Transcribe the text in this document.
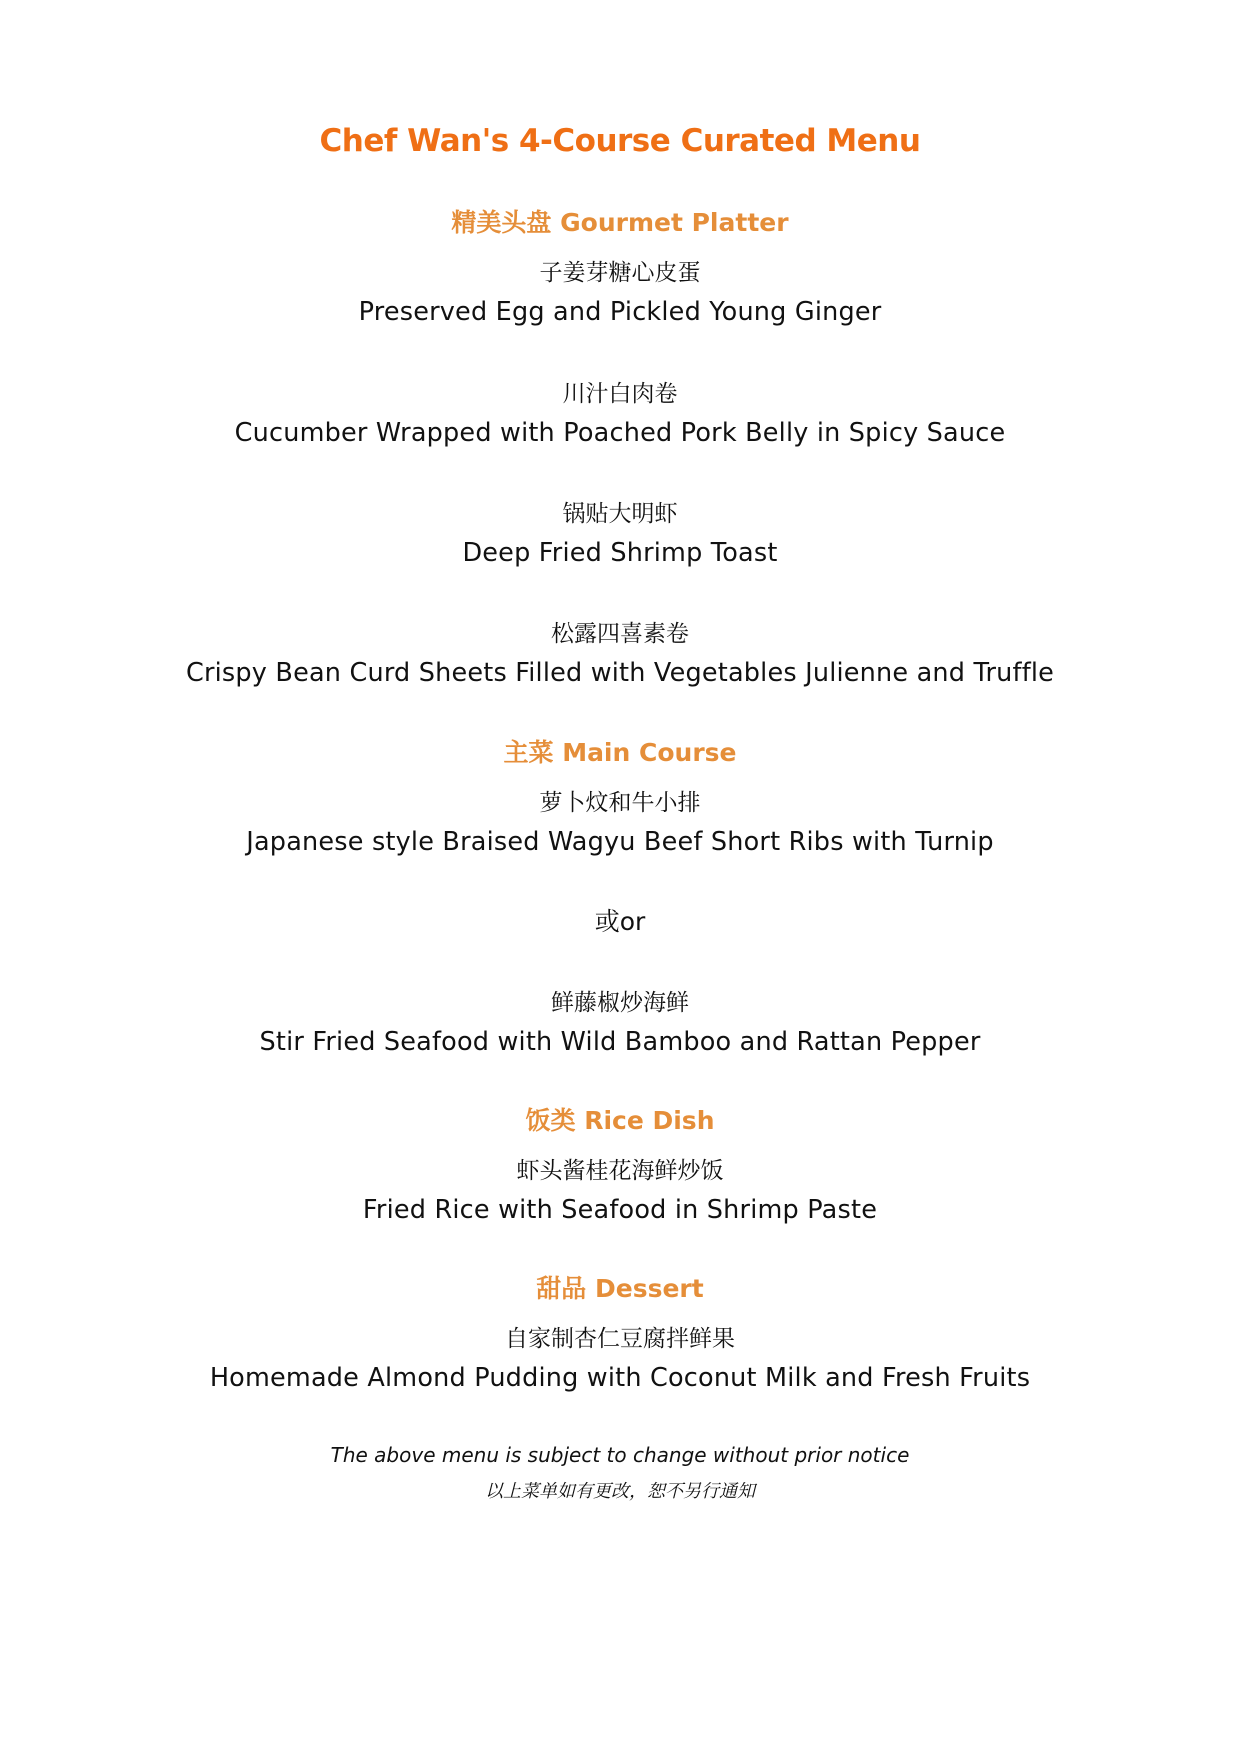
Chef Wan's 4-Course Curated Menu
精美头盘 Gourmet Platter
子姜芽糖心皮蛋
Preserved Egg and Pickled Young Ginger
川汁白肉卷
Cucumber Wrapped with Poached Pork Belly in Spicy Sauce
锅贴大明虾
Deep Fried Shrimp Toast
松露四喜素卷
Crispy Bean Curd Sheets Filled with Vegetables Julienne and Truffle
主菜 Main Course
萝卜炆和牛小排
Japanese style Braised Wagyu Beef Short Ribs with Turnip
或or
鲜藤椒炒海鲜
Stir Fried Seafood with Wild Bamboo and Rattan Pepper
饭类 Rice Dish
虾头酱桂花海鲜炒饭
Fried Rice with Seafood in Shrimp Paste
甜品 Dessert
自家制杏仁豆腐拌鲜果
Homemade Almond Pudding with Coconut Milk and Fresh Fruits
The above menu is subject to change without prior notice
以上菜单如有更改，恕不另行通知
